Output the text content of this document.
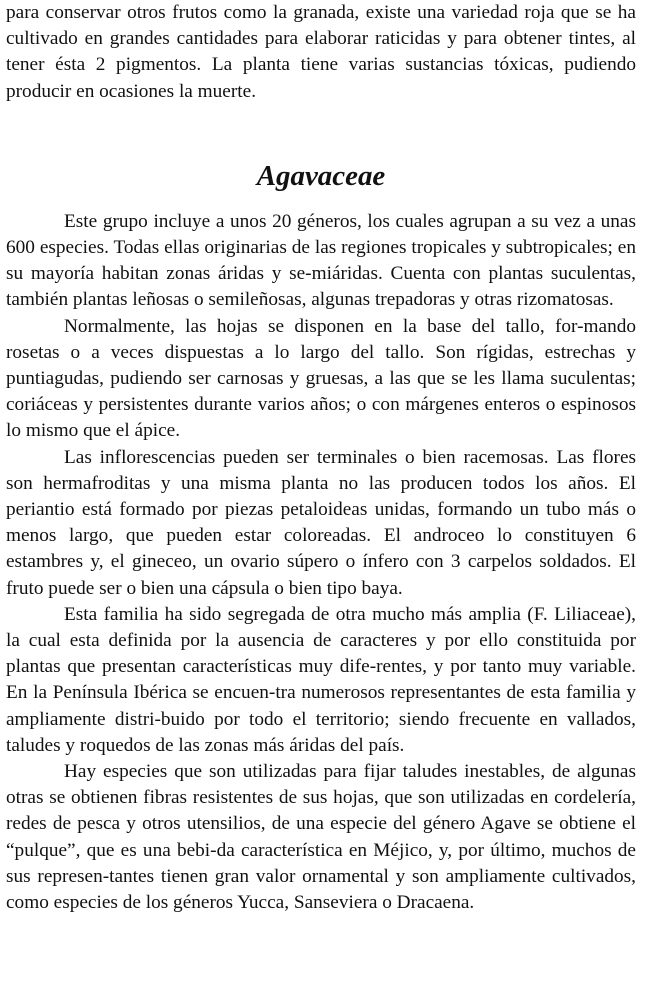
para conservar otros frutos como la granada, existe una variedad roja que se ha cultivado en grandes cantidades para elaborar raticidas y para obtener tintes, al tener ésta 2 pigmentos. La planta tiene varias sustancias tóxicas, pudiendo producir en ocasiones la muerte.

Agavaceae

Este grupo incluye a unos 20 géneros, los cuales agrupan a su vez a unas 600 especies. Todas ellas originarias de las regiones tropicales y subtropicales; en su mayoría habitan zonas áridas y se-miáridas. Cuenta con plantas suculentas, también plantas leñosas o semileñosas, algunas trepadoras y otras rizomatosas.

Normalmente, las hojas se disponen en la base del tallo, for-mando rosetas o a veces dispuestas a lo largo del tallo. Son rígidas, estrechas y puntiagudas, pudiendo ser carnosas y gruesas, a las que se les llama suculentas; coriáceas y persistentes durante varios años; o con márgenes enteros o espinosos lo mismo que el ápice.

Las inflorescencias pueden ser terminales o bien racemosas. Las flores son hermafroditas y una misma planta no las producen todos los años. El periantio está formado por piezas petaloideas unidas, formando un tubo más o menos largo, que pueden estar coloreadas. El androceo lo constituyen 6 estambres y, el gineceo, un ovario súpero o ínfero con 3 carpelos soldados. El fruto puede ser o bien una cápsula o bien tipo baya.

Esta familia ha sido segregada de otra mucho más amplia (F. Liliaceae), la cual esta definida por la ausencia de caracteres y por ello constituida por plantas que presentan características muy dife-rentes, y por tanto muy variable. En la Península Ibérica se encuen-tra numerosos representantes de esta familia y ampliamente distri-buido por todo el territorio; siendo frecuente en vallados, taludes y roquedos de las zonas más áridas del país.

Hay especies que son utilizadas para fijar taludes inestables, de algunas otras se obtienen fibras resistentes de sus hojas, que son utilizadas en cordelería, redes de pesca y otros utensilios, de una especie del género Agave se obtiene el “pulque”, que es una bebi-da característica en Méjico, y, por último, muchos de sus represen-tantes tienen gran valor ornamental y son ampliamente cultivados, como especies de los géneros Yucca, Sanseviera o Dracaena.
